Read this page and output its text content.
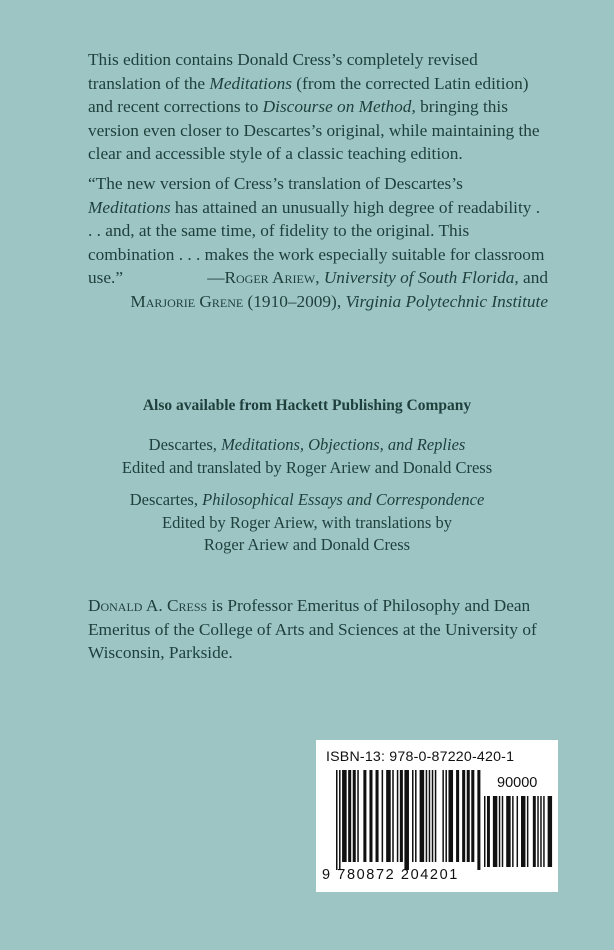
This edition contains Donald Cress’s completely revised translation of the Meditations (from the corrected Latin edition) and recent corrections to Discourse on Method, bringing this version even closer to Descartes’s original, while maintaining the clear and accessible style of a classic teaching edition.
“The new version of Cress’s translation of Descartes’s Meditations has attained an unusually high degree of readability . . . and, at the same time, of fidelity to the original. This combination . . . makes the work especially suitable for classroom use.”	—Roger Ariew, University of South Florida, and
Marjorie Grene (1910–2009), Virginia Polytechnic Institute
Also available from Hackett Publishing Company
Descartes, Meditations, Objections, and Replies
Edited and translated by Roger Ariew and Donald Cress
Descartes, Philosophical Essays and Correspondence
Edited by Roger Ariew, with translations by
Roger Ariew and Donald Cress
Donald A. Cress is Professor Emeritus of Philosophy and Dean Emeritus of the College of Arts and Sciences at the University of Wisconsin, Parkside.
ISBN-13: 978-0-87220-420-1
90000
9 780872 204201
